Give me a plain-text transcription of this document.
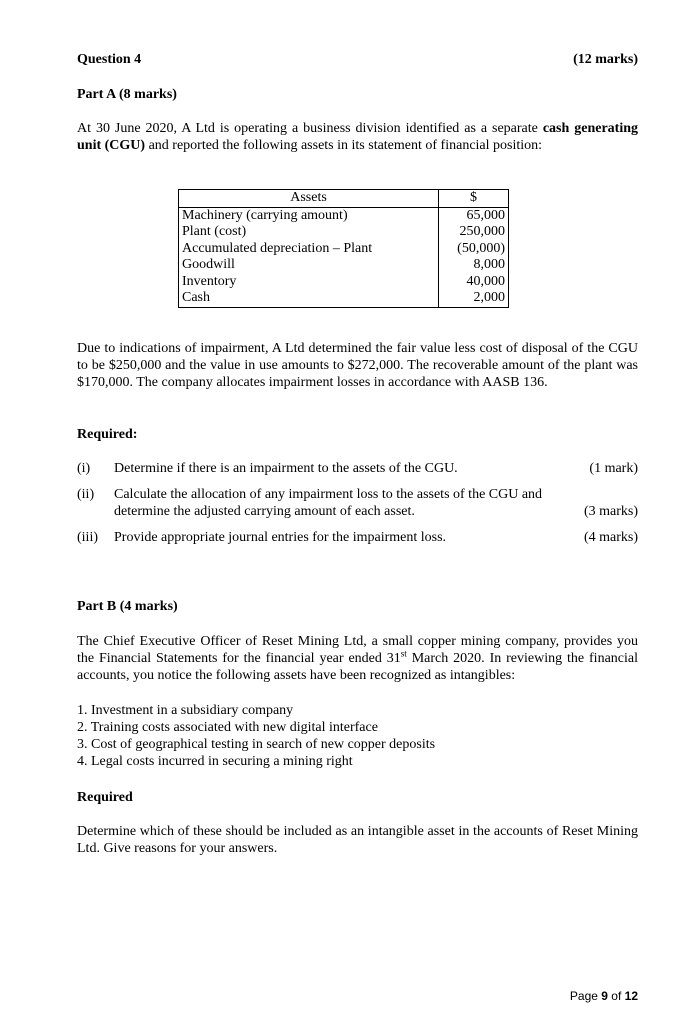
Question 4	(12 marks)
Part A (8 marks)

At 30 June 2020, A Ltd is operating a business division identified as a separate cash generating unit (CGU) and reported the following assets in its statement of financial position:

Assets	$
Machinery (carrying amount)	65,000
Plant (cost)	250,000
Accumulated depreciation – Plant	(50,000)
Goodwill	8,000
Inventory	40,000
Cash	2,000

Due to indications of impairment, A Ltd determined the fair value less cost of disposal of the CGU to be $250,000 and the value in use amounts to $272,000. The recoverable amount of the plant was $170,000. The company allocates impairment losses in accordance with AASB 136.

Required:
(i) Determine if there is an impairment to the assets of the CGU.	(1 mark)
(ii) Calculate the allocation of any impairment loss to the assets of the CGU and
determine the adjusted carrying amount of each asset.	(3 marks)
(iii) Provide appropriate journal entries for the impairment loss.	(4 marks)
Part B (4 marks)

The Chief Executive Officer of Reset Mining Ltd, a small copper mining company, provides you the Financial Statements for the financial year ended 31st March 2020. In reviewing the financial accounts, you notice the following assets have been recognized as intangibles:

1. Investment in a subsidiary company
2. Training costs associated with new digital interface
3. Cost of geographical testing in search of new copper deposits
4. Legal costs incurred in securing a mining right
Required

Determine which of these should be included as an intangible asset in the accounts of Reset Mining Ltd. Give reasons for your answers.

Page 9 of 12
